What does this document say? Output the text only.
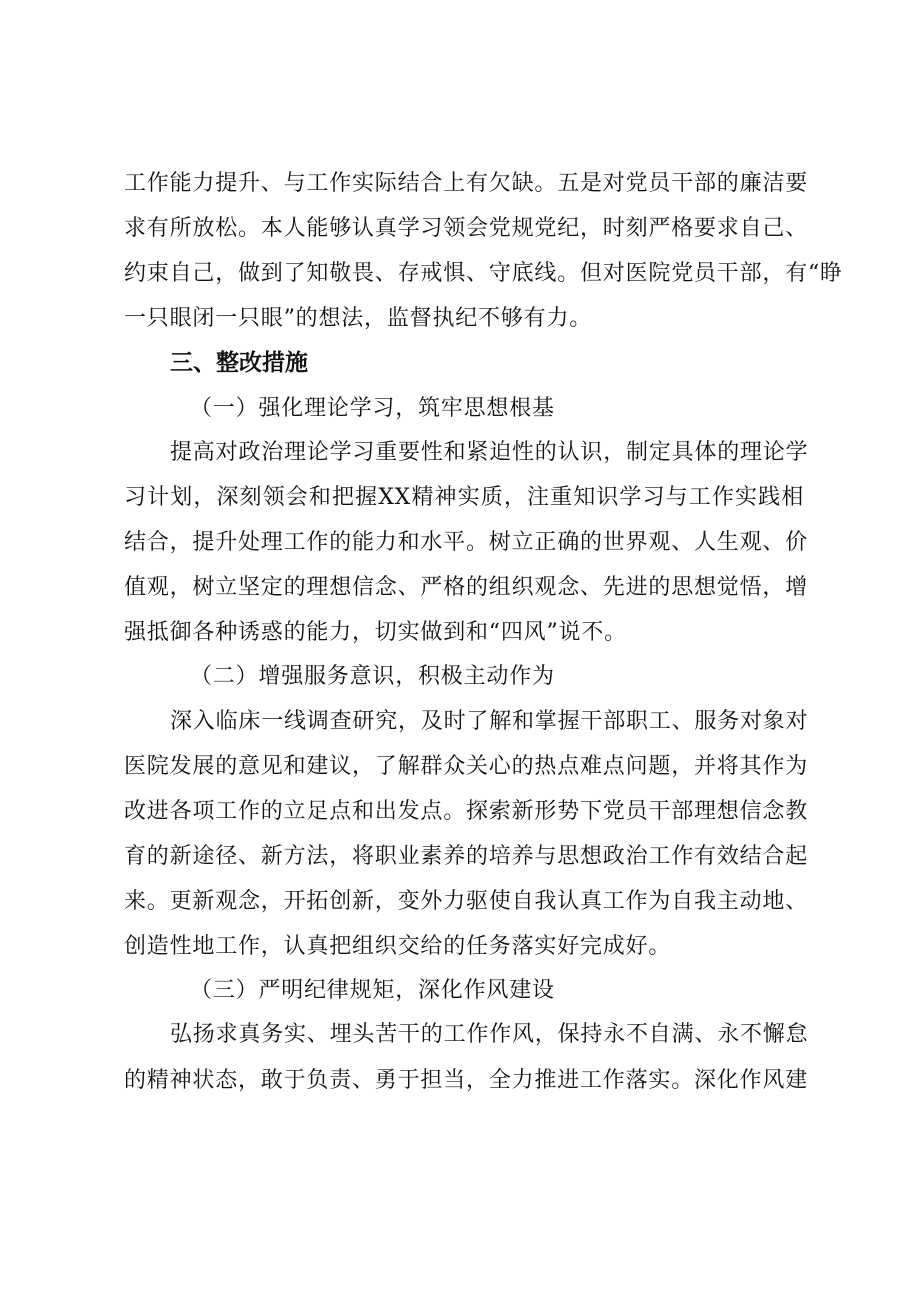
工作能力提升、与工作实际结合上有欠缺。五是对党员干部的廉洁要
求有所放松。本人能够认真学习领会党规党纪，时刻严格要求自己、
约束自己，做到了知敬畏、存戒惧、守底线。但对医院党员干部，有“睁
一只眼闭一只眼”的想法，监督执纪不够有力。
三、整改措施
（一）强化理论学习，筑牢思想根基
提高对政治理论学习重要性和紧迫性的认识，制定具体的理论学
习计划，深刻领会和把握XX精神实质，注重知识学习与工作实践相
结合，提升处理工作的能力和水平。树立正确的世界观、人生观、价
值观，树立坚定的理想信念、严格的组织观念、先进的思想觉悟，增
强抵御各种诱惑的能力，切实做到和“四风”说不。
（二）增强服务意识，积极主动作为
深入临床一线调查研究，及时了解和掌握干部职工、服务对象对
医院发展的意见和建议，了解群众关心的热点难点问题，并将其作为
改进各项工作的立足点和出发点。探索新形势下党员干部理想信念教
育的新途径、新方法，将职业素养的培养与思想政治工作有效结合起
来。更新观念，开拓创新，变外力驱使自我认真工作为自我主动地、
创造性地工作，认真把组织交给的任务落实好完成好。
（三）严明纪律规矩，深化作风建设
弘扬求真务实、埋头苦干的工作作风，保持永不自满、永不懈怠
的精神状态，敢于负责、勇于担当，全力推进工作落实。深化作风建
